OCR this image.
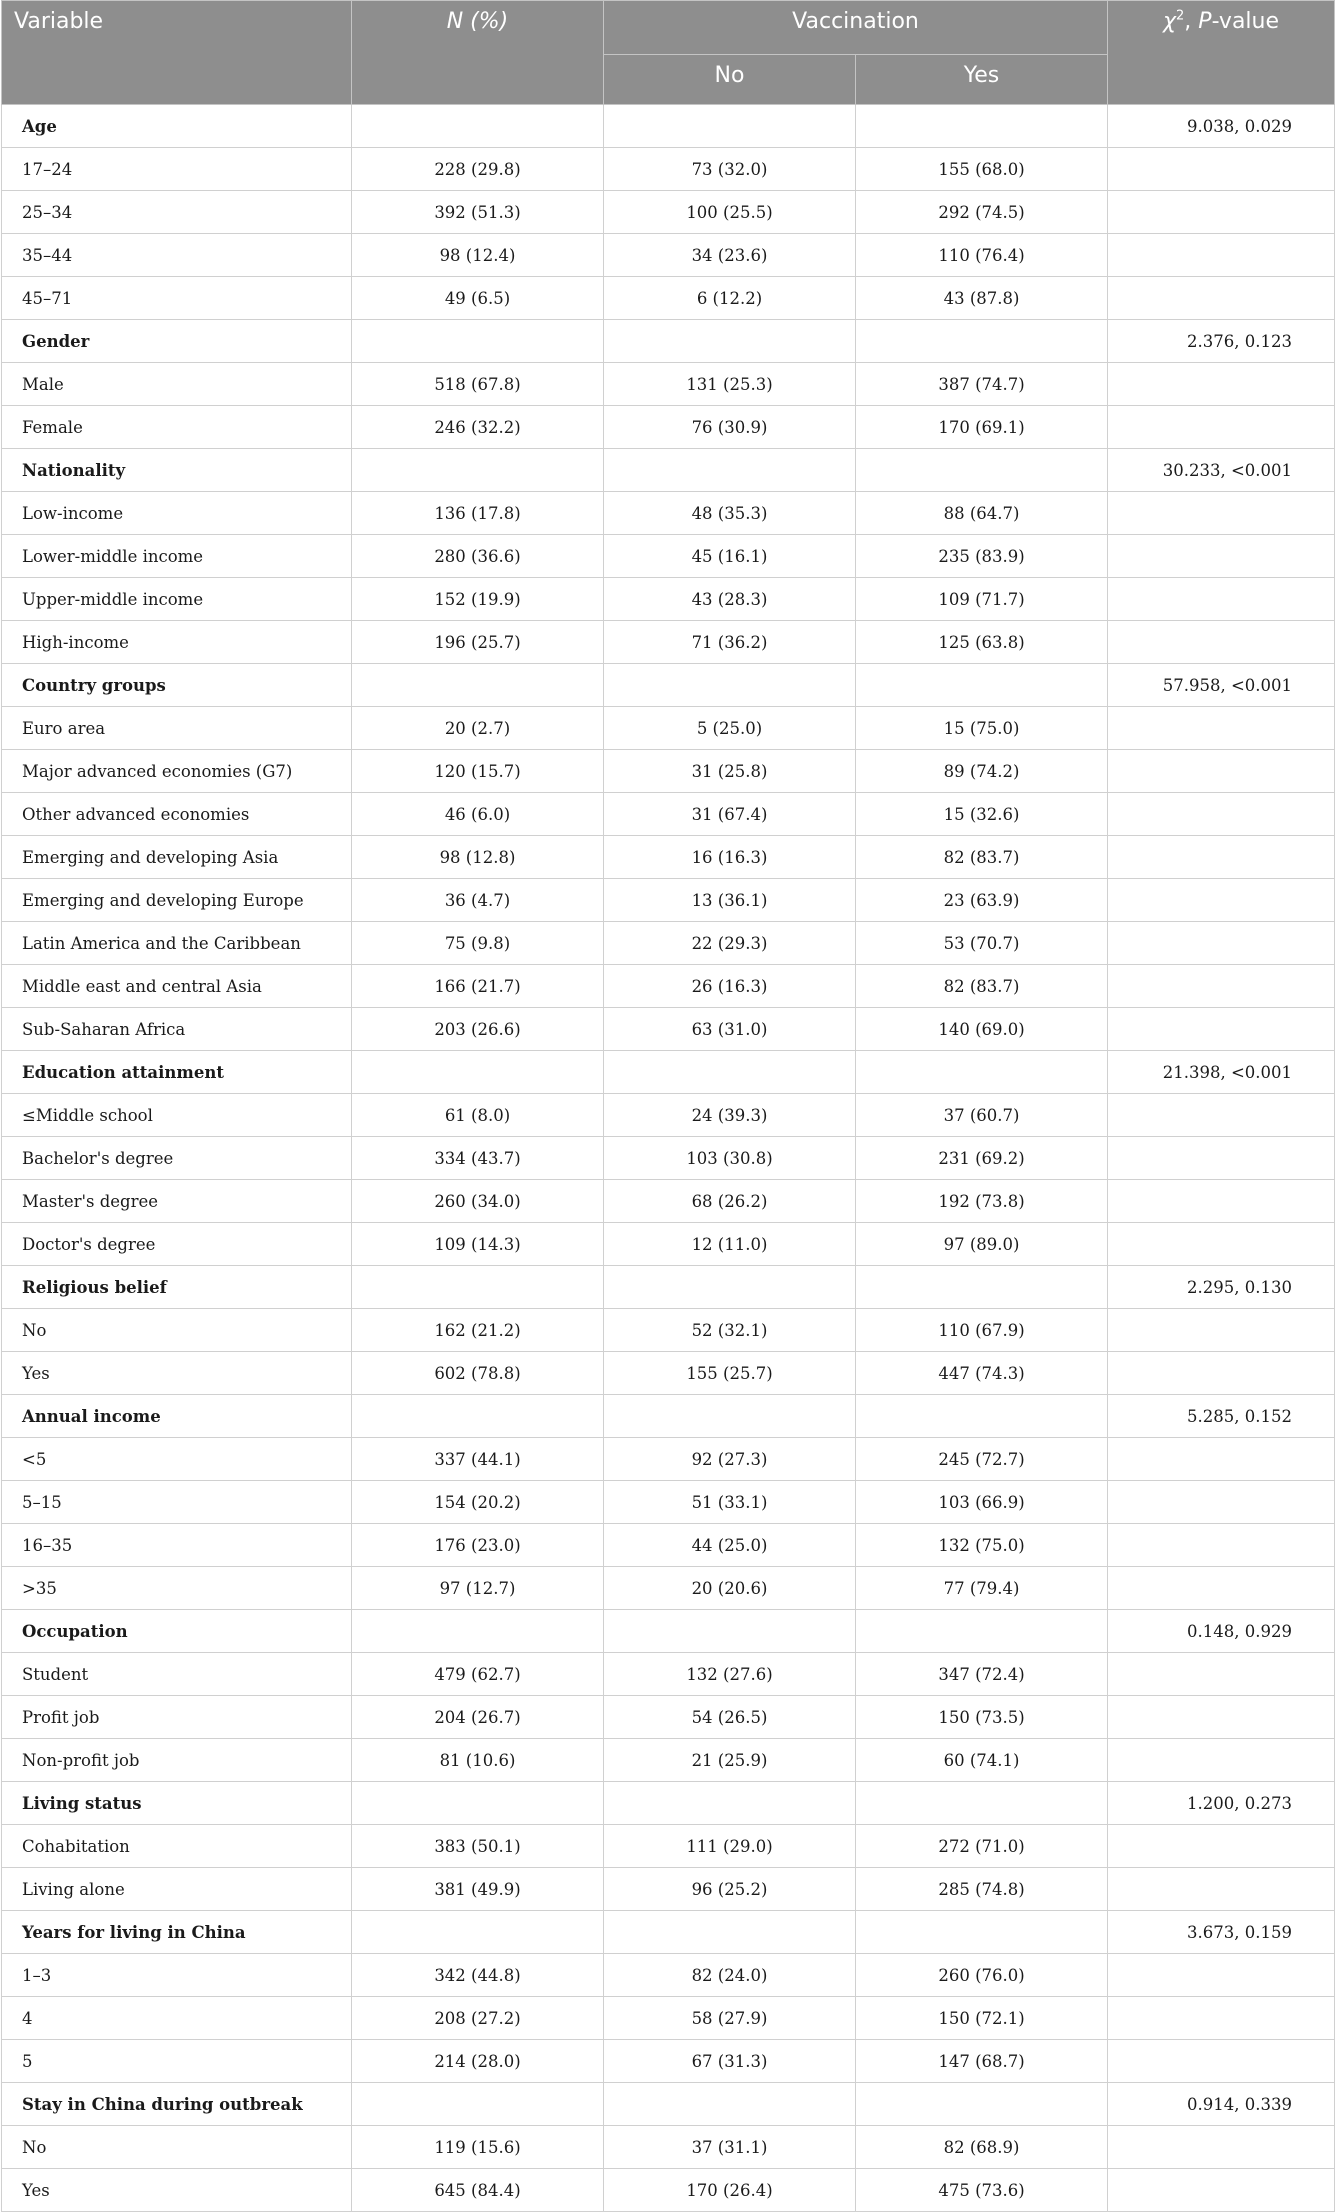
Variable	N (%)	Vaccination		$\chi^2$, P-value
		No	Yes	
Age				9.038, 0.029
17–24	228 (29.8)	73 (32.0)	155 (68.0)	
25–34	392 (51.3)	100 (25.5)	292 (74.5)	
35–44	98 (12.4)	34 (23.6)	110 (76.4)	
45–71	49 (6.5)	6 (12.2)	43 (87.8)	
Gender				2.376, 0.123
Male	518 (67.8)	131 (25.3)	387 (74.7)	
Female	246 (32.2)	76 (30.9)	170 (69.1)	
Nationality				30.233, <0.001
Low-income	136 (17.8)	48 (35.3)	88 (64.7)	
Lower-middle income	280 (36.6)	45 (16.1)	235 (83.9)	
Upper-middle income	152 (19.9)	43 (28.3)	109 (71.7)	
High-income	196 (25.7)	71 (36.2)	125 (63.8)	
Country groups				57.958, <0.001
Euro area	20 (2.7)	5 (25.0)	15 (75.0)	
Major advanced economies (G7)	120 (15.7)	31 (25.8)	89 (74.2)	
Other advanced economies	46 (6.0)	31 (67.4)	15 (32.6)	
Emerging and developing Asia	98 (12.8)	16 (16.3)	82 (83.7)	
Emerging and developing Europe	36 (4.7)	13 (36.1)	23 (63.9)	
Latin America and the Caribbean	75 (9.8)	22 (29.3)	53 (70.7)	
Middle east and central Asia	166 (21.7)	26 (16.3)	82 (83.7)	
Sub-Saharan Africa	203 (26.6)	63 (31.0)	140 (69.0)	
Education attainment				21.398, <0.001
≤Middle school	61 (8.0)	24 (39.3)	37 (60.7)	
Bachelor's degree	334 (43.7)	103 (30.8)	231 (69.2)	
Master's degree	260 (34.0)	68 (26.2)	192 (73.8)	
Doctor's degree	109 (14.3)	12 (11.0)	97 (89.0)	
Religious belief				2.295, 0.130
No	162 (21.2)	52 (32.1)	110 (67.9)	
Yes	602 (78.8)	155 (25.7)	447 (74.3)	
Annual income				5.285, 0.152
<5	337 (44.1)	92 (27.3)	245 (72.7)	
5–15	154 (20.2)	51 (33.1)	103 (66.9)	
16–35	176 (23.0)	44 (25.0)	132 (75.0)	
>35	97 (12.7)	20 (20.6)	77 (79.4)	
Occupation				0.148, 0.929
Student	479 (62.7)	132 (27.6)	347 (72.4)	
Profit job	204 (26.7)	54 (26.5)	150 (73.5)	
Non-profit job	81 (10.6)	21 (25.9)	60 (74.1)	
Living status				1.200, 0.273
Cohabitation	383 (50.1)	111 (29.0)	272 (71.0)	
Living alone	381 (49.9)	96 (25.2)	285 (74.8)	
Years for living in China				3.673, 0.159
1–3	342 (44.8)	82 (24.0)	260 (76.0)	
4	208 (27.2)	58 (27.9)	150 (72.1)	
5	214 (28.0)	67 (31.3)	147 (68.7)	
Stay in China during outbreak				0.914, 0.339
No	119 (15.6)	37 (31.1)	82 (68.9)	
Yes	645 (84.4)	170 (26.4)	475 (73.6)	
